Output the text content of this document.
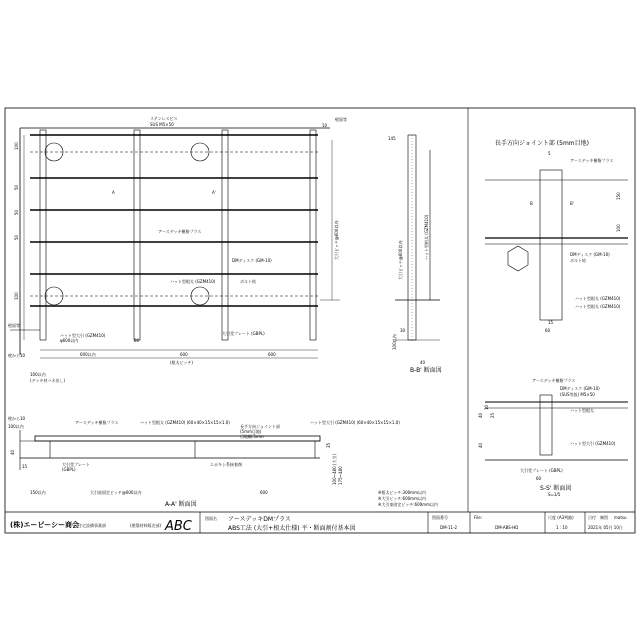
ステンレスビス
SUS M5×50
壁面等
10
アースデッキ樹脂プラス
DMディスク (GM-10)
ボルト結
ハット型根太 (GZM410)
大引受プレート (GBPL)
ハット型大引 (GZM410)
φ600以内
壁面等
壁から10	600以内	600	600
(根太ピッチ)
100以内
(デッキ材ハネ出し)
80
A	A'
大引ピッチ@600以内
100
50
50
50
100
145
大引ピッチ@600以内
ハット型根太 (GZM410)
100以内
30
40
B-B' 断面図
アースデッキ樹脂プラス	ハット型根太 (GZM410) (60×40×15×15×1.0)
長手方向ジョイント部
(5mm目地)
目地幅:5mm
ハット型大引 (GZM410) (60×40×15×15×1.0)
大引受プレート
(GBPL)
エポキシ系接着剤
壁から10
100以内
15
150以内	大引束固定ピッチ@600以内	600
40
35
100~480 (大引) 175~480
A-A' 断面図
長手方向ジョイント部 (5mm目地)
アースデッキ樹脂プラス
DMディスク (GM-10)
ボルト結
ハット型根太 (GZM410)
ハット型根太 (GZM410)
B	B'
5
15
60
100
150
アースデッキ樹脂プラス
DMディスク (GM-10)
(SUS等級) M5×50
ハット型根太
ハット型大引 (GZM410)
大引受プレート (GBPL)
40
10
25
60
40
S-S' 断面図
S=1/5
※根太ピッチ:300mm以内
※大引ピッチ:600mm以内
※大引束固定ピッチ:600mm以内
(株)エーピーシー商会 住宅設備事業部	(建築材料販売部) ABC
図面名 アースデッキDMプラス
ABS工法 (大引+根太仕様) 平・断面割付基本図
図面番号
DM-11-2
File:
DM-ABS-HD
尺度 (A3判縮)
1 : 10
日付 制図 matsu
2021年 05月 10日
